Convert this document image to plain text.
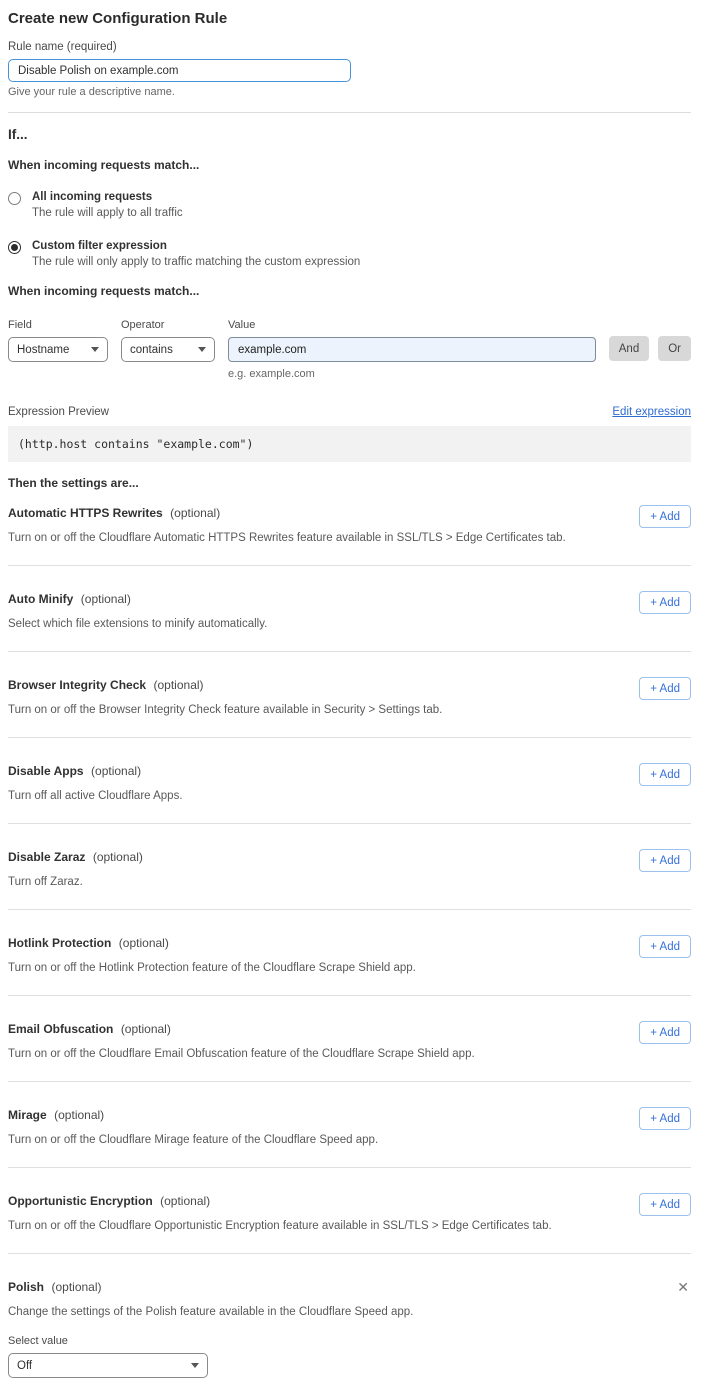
Create new Configuration Rule
Rule name (required)
Disable Polish on example.com
Give your rule a descriptive name.
If...
When incoming requests match...
All incoming requests
The rule will apply to all traffic
Custom filter expression
The rule will only apply to traffic matching the custom expression
When incoming requests match...
Field
Hostname
Operator
contains
Value
example.com
e.g. example.com
And	Or
Expression Preview	Edit expression
(http.host contains "example.com")
Then the settings are...
Automatic HTTPS Rewrites (optional)
Turn on or off the Cloudflare Automatic HTTPS Rewrites feature available in SSL/TLS > Edge Certificates tab.
+ Add
Auto Minify (optional)
Select which file extensions to minify automatically.
+ Add
Browser Integrity Check (optional)
Turn on or off the Browser Integrity Check feature available in Security > Settings tab.
+ Add
Disable Apps (optional)
Turn off all active Cloudflare Apps.
+ Add
Disable Zaraz (optional)
Turn off Zaraz.
+ Add
Hotlink Protection (optional)
Turn on or off the Hotlink Protection feature of the Cloudflare Scrape Shield app.
+ Add
Email Obfuscation (optional)
Turn on or off the Cloudflare Email Obfuscation feature of the Cloudflare Scrape Shield app.
+ Add
Mirage (optional)
Turn on or off the Cloudflare Mirage feature of the Cloudflare Speed app.
+ Add
Opportunistic Encryption (optional)
Turn on or off the Cloudflare Opportunistic Encryption feature available in SSL/TLS > Edge Certificates tab.
+ Add
Polish (optional)	✕
Change the settings of the Polish feature available in the Cloudflare Speed app.
Select value
Off
